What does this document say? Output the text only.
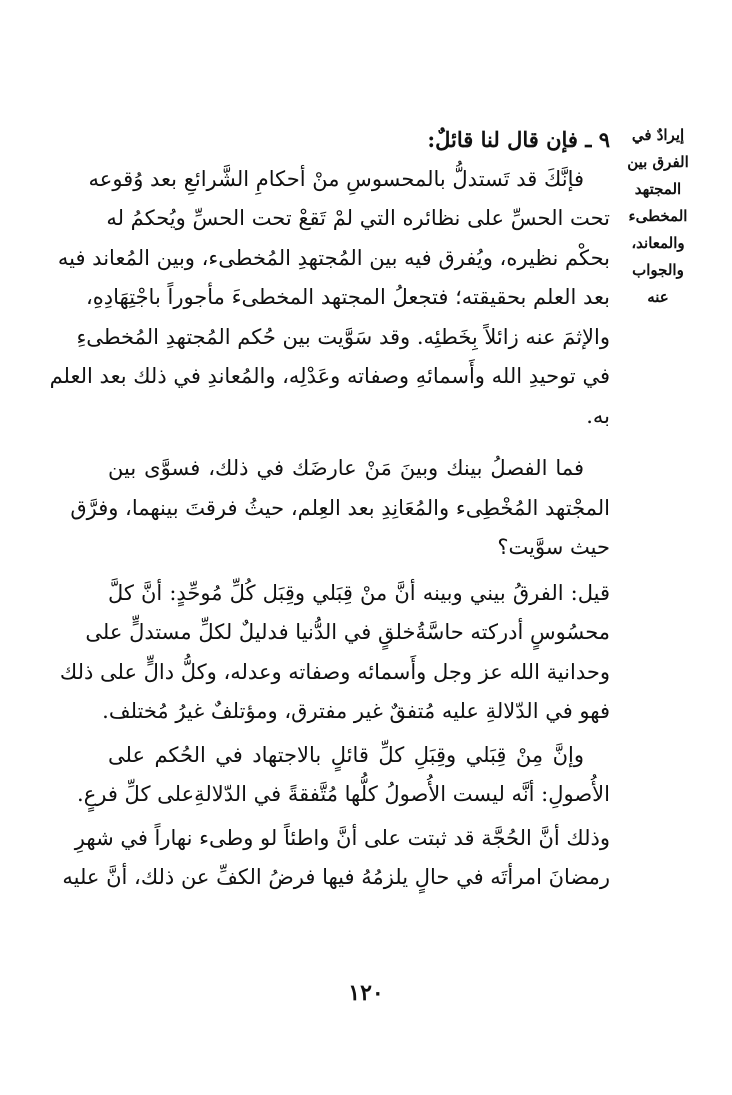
إيرادٌ في
الفرق بين
المجتهد
المخطىء
والمعاند،
والجواب
عنه
٩ ـ فإن قال لنا قائلٌ:
فإنَّكَ قد تَستدلُّ بالمحسوسِ منْ أحكامِ الشَّرائعِ بعد وُقوعه
تحت الحسِّ على نظائره التي لمْ تَقعْ تحت الحسِّ ويُحكمُ له
بحكْم نظيره، ويُفرق فيه بين المُجتهدِ المُخطىء، وبين المُعاند فيه
بعد العلم بحقيقته؛ فتجعلُ المجتهد المخطىءَ مأجوراً باجْتِهَادِهِ،
والإثمَ عنه زائلاً بِخَطئِه. وقد سَوَّيت بين حُكم المُجتهدِ المُخطىءِ
في توحيدِ الله وأَسمائهِ وصفاته وعَدْلِه، والمُعاندِ في ذلك بعد العلم
به.
فما الفصلُ بينك وبينَ مَنْ عارضَك في ذلك، فسوَّى بين
المجْتهد المُخْطِىء والمُعَانِدِ بعد العِلم، حيثُ فرقتَ بينهما، وفرَّق
حيث سوَّيت؟
قيل: الفرقُ بيني وبينه أنَّ منْ قِبَلي وقِبَل كُلِّ مُوحِّدٍ: أنَّ كلَّ
محسُوسٍ أدركته حاسَّةُخلقٍ في الدُّنيا فدليلٌ لكلِّ مستدلٍّ على
وحدانية الله عز وجل وأَسمائه وصفاته وعدله، وكلُّ دالٍّ على ذلك
فهو في الدّلالةِ عليه مُتفقٌ غير مفترق، ومؤتلفٌ غيرُ مُختلف.
وإنَّ مِنْ قِبَلي وقِبَلِ كلِّ قائلٍ بالاجتهاد في الحُكم على
الأُصولِ: أنَّه ليست الأُصولُ كلُّها مُتَّفقةً في الدّلالةِعلى كلِّ فرعٍ.
وذلك أنَّ الحُجَّة قد ثبتت على أنَّ واطئاً لو وطىء نهاراً في شهرِ
رمضانَ امرأتَه في حالٍ يلزمُهُ فيها فرضُ الكفِّ عن ذلك، أنَّ عليه
١٢٠
